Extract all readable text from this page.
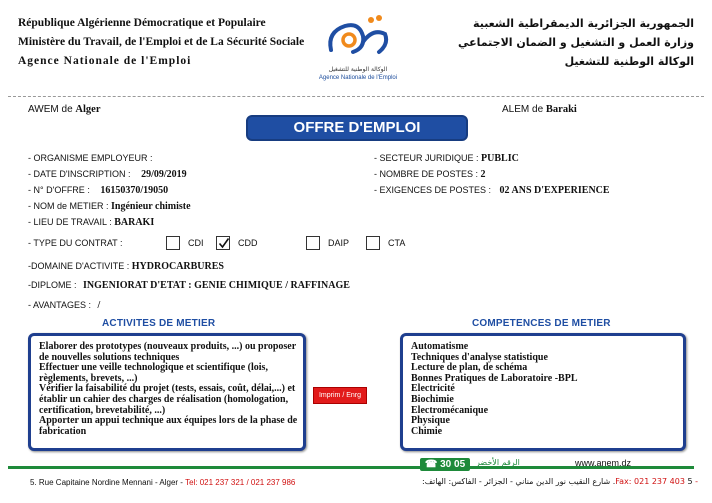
République Algérienne Démocratique et Populaire
Ministère du Travail, de l'Emploi et de La Sécurité Sociale
Agence Nationale de l'Emploi
الوكالة الوطنية للتشغيل
Agence Nationale de l'Emploi
الجمهورية الجزائرية الديمقراطية الشعبية
وزارة العمل و التشغيل و الضمان الاجتماعي
الوكالة الوطنية للتشغيل
AWEM de Alger	ALEM de Baraki
OFFRE D'EMPLOI
- ORGANISME EMPLOYEUR :
- DATE D'INSCRIPTION : 29/09/2019
- N° D'OFFRE : 16150370/19050
- NOM de METIER : Ingénieur chimiste
- LIEU DE TRAVAIL : BARAKI
- SECTEUR JURIDIQUE : PUBLIC
- NOMBRE DE POSTES : 2
- EXIGENCES DE POSTES : 02 ANS D'EXPERIENCE
- TYPE DU CONTRAT :	CDI	CDD	DAIP	CTA
-DOMAINE D'ACTIVITE : HYDROCARBURES
-DIPLOME : INGENIORAT D'ETAT : GENIE CHIMIQUE / RAFFINAGE
- AVANTAGES : /
ACTIVITES DE METIER
Elaborer des prototypes (nouveaux produits, ...) ou proposer
de nouvelles solutions techniques
Effectuer une veille technologique et scientifique (lois,
règlements, brevets, ...)
Vérifier la faisabilité du projet (tests, essais, coût, délai,...) et
établir un cahier des charges de réalisation (homologation,
certification, brevetabilité, ...)
Apporter un appui technique aux équipes lors de la phase de
fabrication
Imprim / Enrg sous
COMPETENCES DE METIER
Automatisme
Techniques d'analyse statistique
Lecture de plan, de schéma
Bonnes Pratiques de Laboratoire -BPL
Electricité
Biochimie
Electromécanique
Physique
Chimie
☎ 30 05	الرقم الأخضر	www.anem.dz
5. Rue Capitaine Nordine Mennani - Alger - Tel: 021 237 321 / 021 237 986	- Fax: 021 237 403 5. شارع النقيب نور الدين مناني - الجزائر - الفاكس: الهاتف:
